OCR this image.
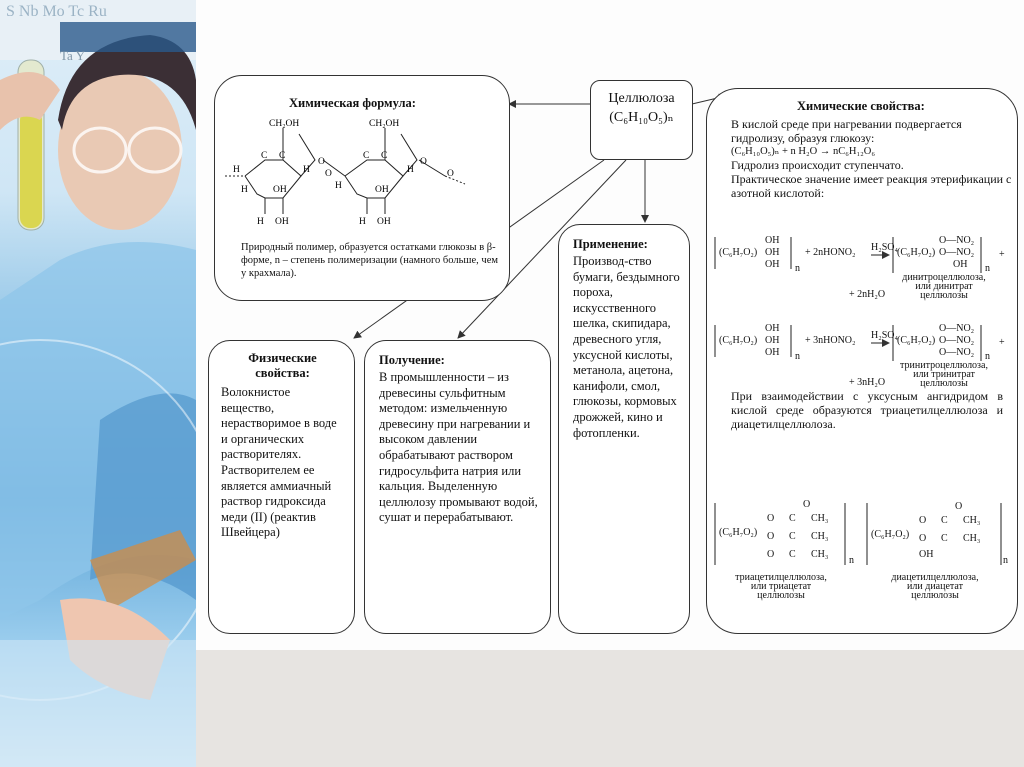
S Nb Mo Tc Ru
Ta Y
Целлюлоза
(C₆H₁₀O₅)ₙ
Химическая формула:
CH₂OH	CH₂OH
O	O
O	O
C C	C C
H	H
H
H
H	OH	OH
H OH	H OH
Природный полимер, образуется остатками глюкозы в β-форме, n – степень полимеризации (намного больше, чем у крахмала).
Физические свойства:
Волокнистое вещество, нерастворимое в воде и органических растворителях. Растворителем ее является аммиачный раствор гидроксида меди (II) (реактив Швейцера)
Получение:
В промышленности – из древесины сульфитным методом: измельченную древесину при нагревании и высоком давлении обрабатывают раствором гидросульфита натрия или кальция. Выделенную целлюлозу промывают водой, сушат и перерабатывают.
Применение:
Производ-ство бумаги, бездымного пороха, искусственного шелка, скипидара, древесного угля, уксусной кислоты, метанола, ацетона, канифоли, смол, глюкозы, кормовых дрожжей, кино и фотопленки.
Химические свойства:
В кислой среде при нагревании подвергается гидролизу, образуя глюкозу:
(C₆H₁₀O₅)ₙ + n H₂O → nC₆H₁₂O₆
Гидролиз происходит ступенчато.
Практическое значение имеет реакция этерификации с азотной кислотой:
(C₆H₇O₂)
OH
OH
OH n
+ 2nHONO₂ H₂SO₄ (C₆H₇O₂)
O—NO₂
O—NO₂
OH n
+
динитроцеллюлоза, или динитрат целлюлозы
+ 2nH₂O
(C₆H₇O₂)
OH
OH
OH n
+ 3nHONO₂ H₂SO₄ (C₆H₇O₂)
O—NO₂
O—NO₂
O—NO₂ n
+
тринитроцеллюлоза, или тринитрат целлюлозы
+ 3nH₂O
При взаимодействии с уксусным ангидридом в кислой среде образуются триацетилцеллюлоза и диацетилцеллюлоза.
(C₆H₇O₂)
O
O
O
C
C
C
CH₃
CH₃
CH₃
O
n
триацетилцеллюлоза, или триацетат целлюлозы
(C₆H₇O₂)
O
O
OH
C
C
CH₃
CH₃
O
n
диацетилцеллюлоза, или диацетат целлюлозы
